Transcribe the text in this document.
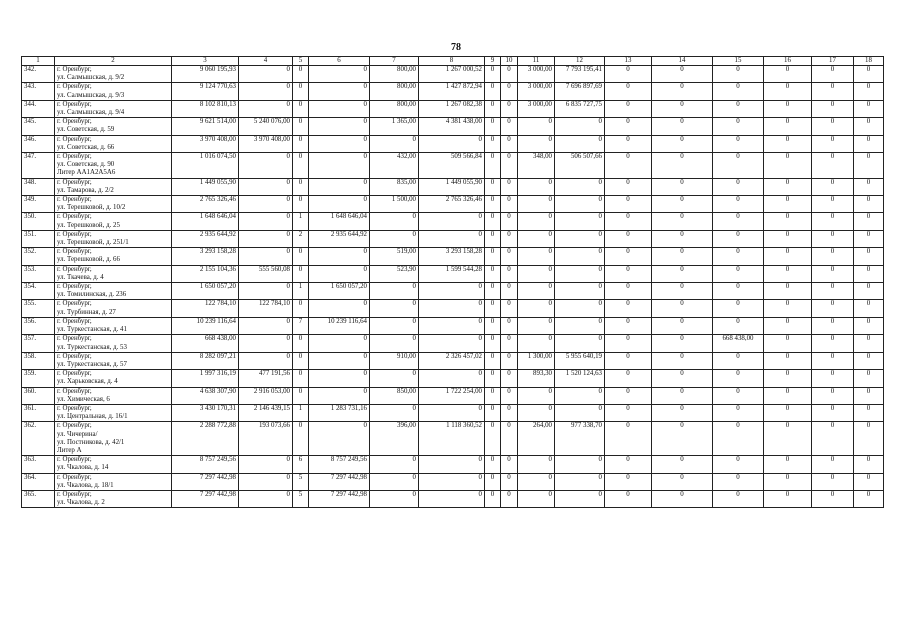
78
1	2	3	4	5	6	7	8	9	10	11	12	13	14	15	16	17	18
342.	г. Оренбург,
ул. Салмышская, д. 9/2	9 060 195,93	0	0	0	800,00	1 267 000,52	0	0	3 000,00	7 793 195,41	0	0	0	0	0	0
343.	г. Оренбург,
ул. Салмышская, д. 9/3	9 124 770,63	0	0	0	800,00	1 427 872,94	0	0	3 000,00	7 696 897,69	0	0	0	0	0	0
344.	г. Оренбург,
ул. Салмышская, д. 9/4	8 102 810,13	0	0	0	800,00	1 267 082,38	0	0	3 000,00	6 835 727,75	0	0	0	0	0	0
345.	г. Оренбург,
ул. Советская, д. 59	9 621 514,00	5 240 076,00	0	0	1 365,00	4 381 438,00	0	0	0	0	0	0	0	0	0	0
346.	г. Оренбург,
ул. Советская, д. 66	3 970 408,00	3 970 408,00	0	0	0	0	0	0	0	0	0	0	0	0	0	0
347.	г. Оренбург,
ул. Советская, д. 90
Литер АА1А2А5А6	1 016 074,50	0	0	0	432,00	509 566,84	0	0	348,00	506 507,66	0	0	0	0	0	0
348.	г. Оренбург,
ул. Тамарова, д. 2/2	1 449 055,90	0	0	0	835,00	1 449 055,90	0	0	0	0	0	0	0	0	0	0
349.	г. Оренбург,
ул. Терешковой, д. 10/2	2 765 326,46	0	0	0	1 500,00	2 765 326,46	0	0	0	0	0	0	0	0	0	0
350.	г. Оренбург,
ул. Терешковой, д. 25	1 648 646,04	0	1	1 648 646,04	0	0	0	0	0	0	0	0	0	0	0	0
351.	г. Оренбург,
ул. Терешковой, д. 251/1	2 935 644,92	0	2	2 935 644,92	0	0	0	0	0	0	0	0	0	0	0	0
352.	г. Оренбург,
ул. Терешковой, д. 66	3 293 158,28	0	0	0	519,00	3 293 158,28	0	0	0	0	0	0	0	0	0	0
353.	г. Оренбург,
ул. Ткачева, д. 4	2 155 104,36	555 560,08	0	0	523,90	1 599 544,28	0	0	0	0	0	0	0	0	0	0
354.	г. Оренбург,
ул. Томилинская, д. 236	1 650 057,20	0	1	1 650 057,20	0	0	0	0	0	0	0	0	0	0	0	0
355.	г. Оренбург,
ул. Турбинная, д. 27	122 784,10	122 784,10	0	0	0	0	0	0	0	0	0	0	0	0	0	0
356.	г. Оренбург,
ул. Туркестанская, д. 41	10 239 116,64	0	7	10 239 116,64	0	0	0	0	0	0	0	0	0	0	0	0
357.	г. Оренбург,
ул. Туркестанская, д. 53	668 438,00	0	0	0	0	0	0	0	0	0	0	0	668 438,00	0	0	0
358.	г. Оренбург,
ул. Туркестанская, д. 57	8 282 097,21	0	0	0	910,00	2 326 457,02	0	0	1 300,00	5 955 640,19	0	0	0	0	0	0
359.	г. Оренбург,
ул. Харьковская, д. 4	1 997 316,19	477 191,56	0	0	0	0	0	0	893,30	1 520 124,63	0	0	0	0	0	0
360.	г. Оренбург,
ул. Химическая, 6	4 638 307,90	2 916 053,00	0	0	850,00	1 722 254,00	0	0	0	0	0	0	0	0	0	0
361.	г. Оренбург,
ул. Центральная, д. 16/1	3 430 170,31	2 146 439,15	1	1 283 731,16	0	0	0	0	0	0	0	0	0	0	0	0
362.	г. Оренбург,
ул. Чичерина/
ул. Постникова, д. 42/1
Литер А	2 288 772,88	193 073,66	0	0	396,00	1 118 360,52	0	0	264,00	977 338,70	0	0	0	0	0	0
363.	г. Оренбург,
ул. Чкалова, д. 14	8 757 249,56	0	6	8 757 249,56	0	0	0	0	0	0	0	0	0	0	0	0
364.	г. Оренбург,
ул. Чкалова, д. 18/1	7 297 442,98	0	5	7 297 442,98	0	0	0	0	0	0	0	0	0	0	0	0
365.	г. Оренбург,
ул. Чкалова, д. 2	7 297 442,98	0	5	7 297 442,98	0	0	0	0	0	0	0	0	0	0	0	0
